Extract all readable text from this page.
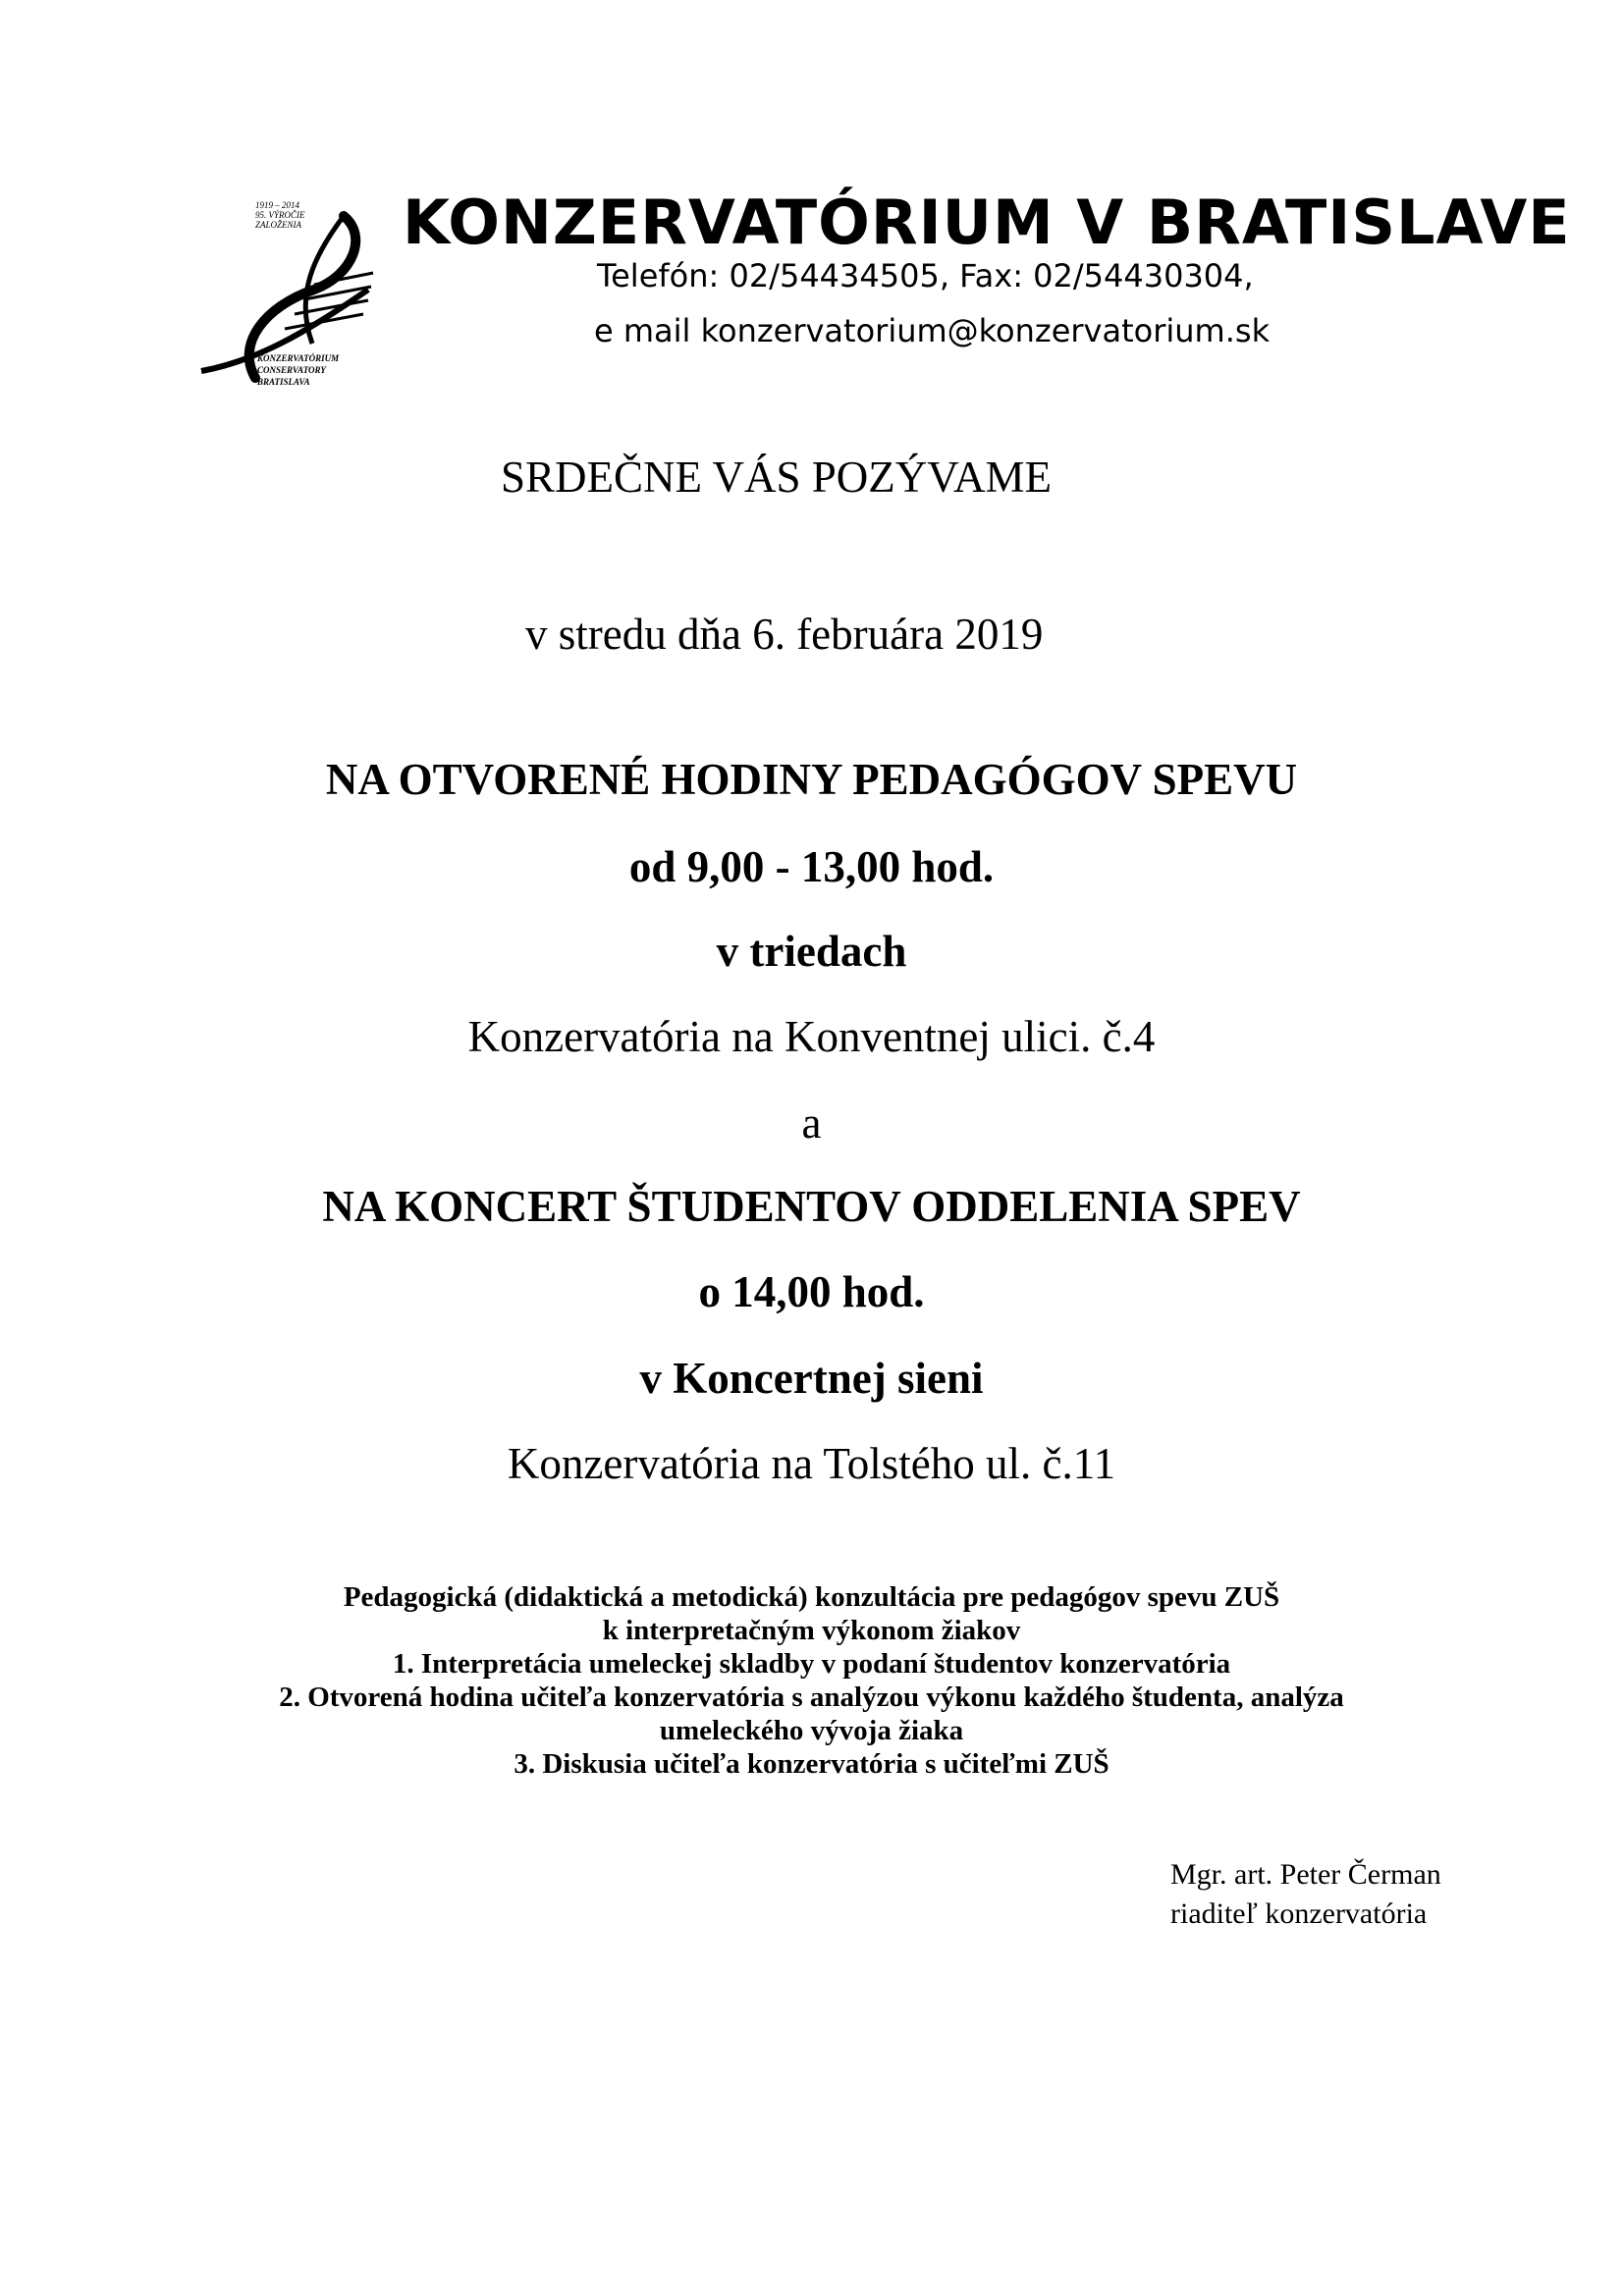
1919 – 2014
95. VÝROČIE
ZALOŽENIA
KONZERVATÓRIUM
CONSERVATORY
BRATISLAVA
KONZERVATÓRIUM V BRATISLAVE
Telefón: 02/54434505, Fax: 02/54430304,
e mail konzervatorium@konzervatorium.sk
SRDEČNE VÁS POZÝVAME
v stredu dňa 6. februára 2019
NA OTVORENÉ HODINY PEDAGÓGOV SPEVU
od 9,00 - 13,00 hod.
v triedach
Konzervatória na Konventnej ulici. č.4
a
NA KONCERT ŠTUDENTOV ODDELENIA SPEV
o 14,00 hod.
v Koncertnej sieni
Konzervatória na Tolstého ul. č.11
Pedagogická (didaktická a metodická) konzultácia pre pedagógov spevu ZUŠ
k interpretačným výkonom žiakov
1. Interpretácia umeleckej skladby v podaní študentov konzervatória
2. Otvorená hodina učiteľa konzervatória s analýzou výkonu každého študenta, analýza
umeleckého vývoja žiaka
3. Diskusia učiteľa konzervatória s učiteľmi ZUŠ
Mgr. art. Peter Čerman
riaditeľ konzervatória
